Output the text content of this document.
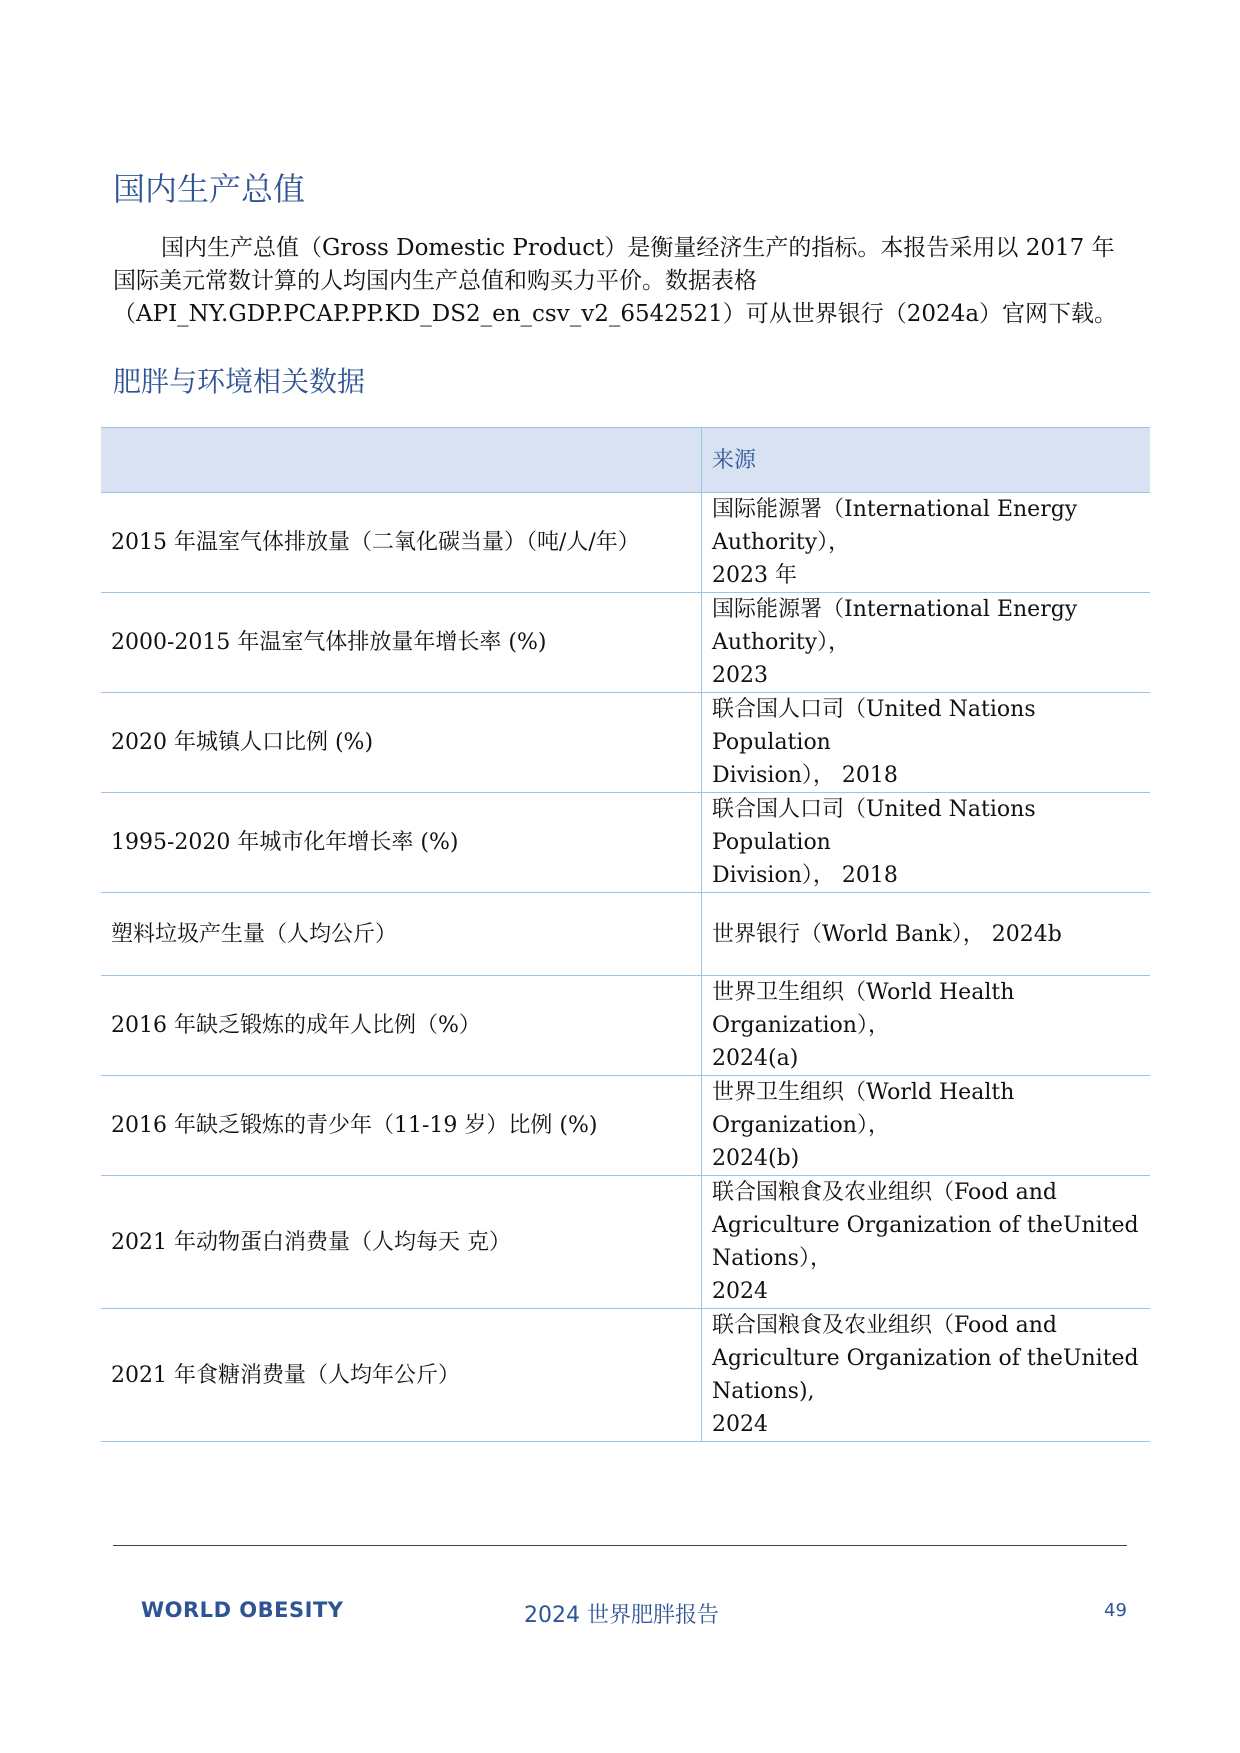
国内生产总值

国内生产总值（Gross Domestic Product）是衡量经济生产的指标。本报告采用以 2017 年
国际美元常数计算的人均国内生产总值和购买力平价。数据表格
（API_NY.GDP.PCAP.PP.KD_DS2_en_csv_v2_6542521）可从世界银行（2024a）官网下载。

肥胖与环境相关数据
	来源
2015 年温室气体排放量（二氧化碳当量）（吨/人/年）	国际能源署（International Energy Authority），
2023 年
2000-2015 年温室气体排放量年增长率 (%)	国际能源署（International Energy Authority），
2023
2020 年城镇人口比例 (%)	联合国人口司（United Nations Population
Division）， 2018
1995-2020 年城市化年增长率 (%)	联合国人口司（United Nations Population
Division）， 2018
塑料垃圾产生量（人均公斤）	世界银行（World Bank）， 2024b
2016 年缺乏锻炼的成年人比例（%）	世界卫生组织（World Health Organization），
2024(a)
2016 年缺乏锻炼的青少年（11-19 岁）比例 (%)	世界卫生组织（World Health Organization），
2024(b)
2021 年动物蛋白消费量（人均每天 克）	联合国粮食及农业组织（Food and
Agriculture Organization of theUnited Nations），
2024
2021 年食糖消费量（人均年公斤）	联合国粮食及农业组织（Food and
Agriculture Organization of theUnited Nations),
2024
WORLD OBESITY	2024 世界肥胖报告	49
